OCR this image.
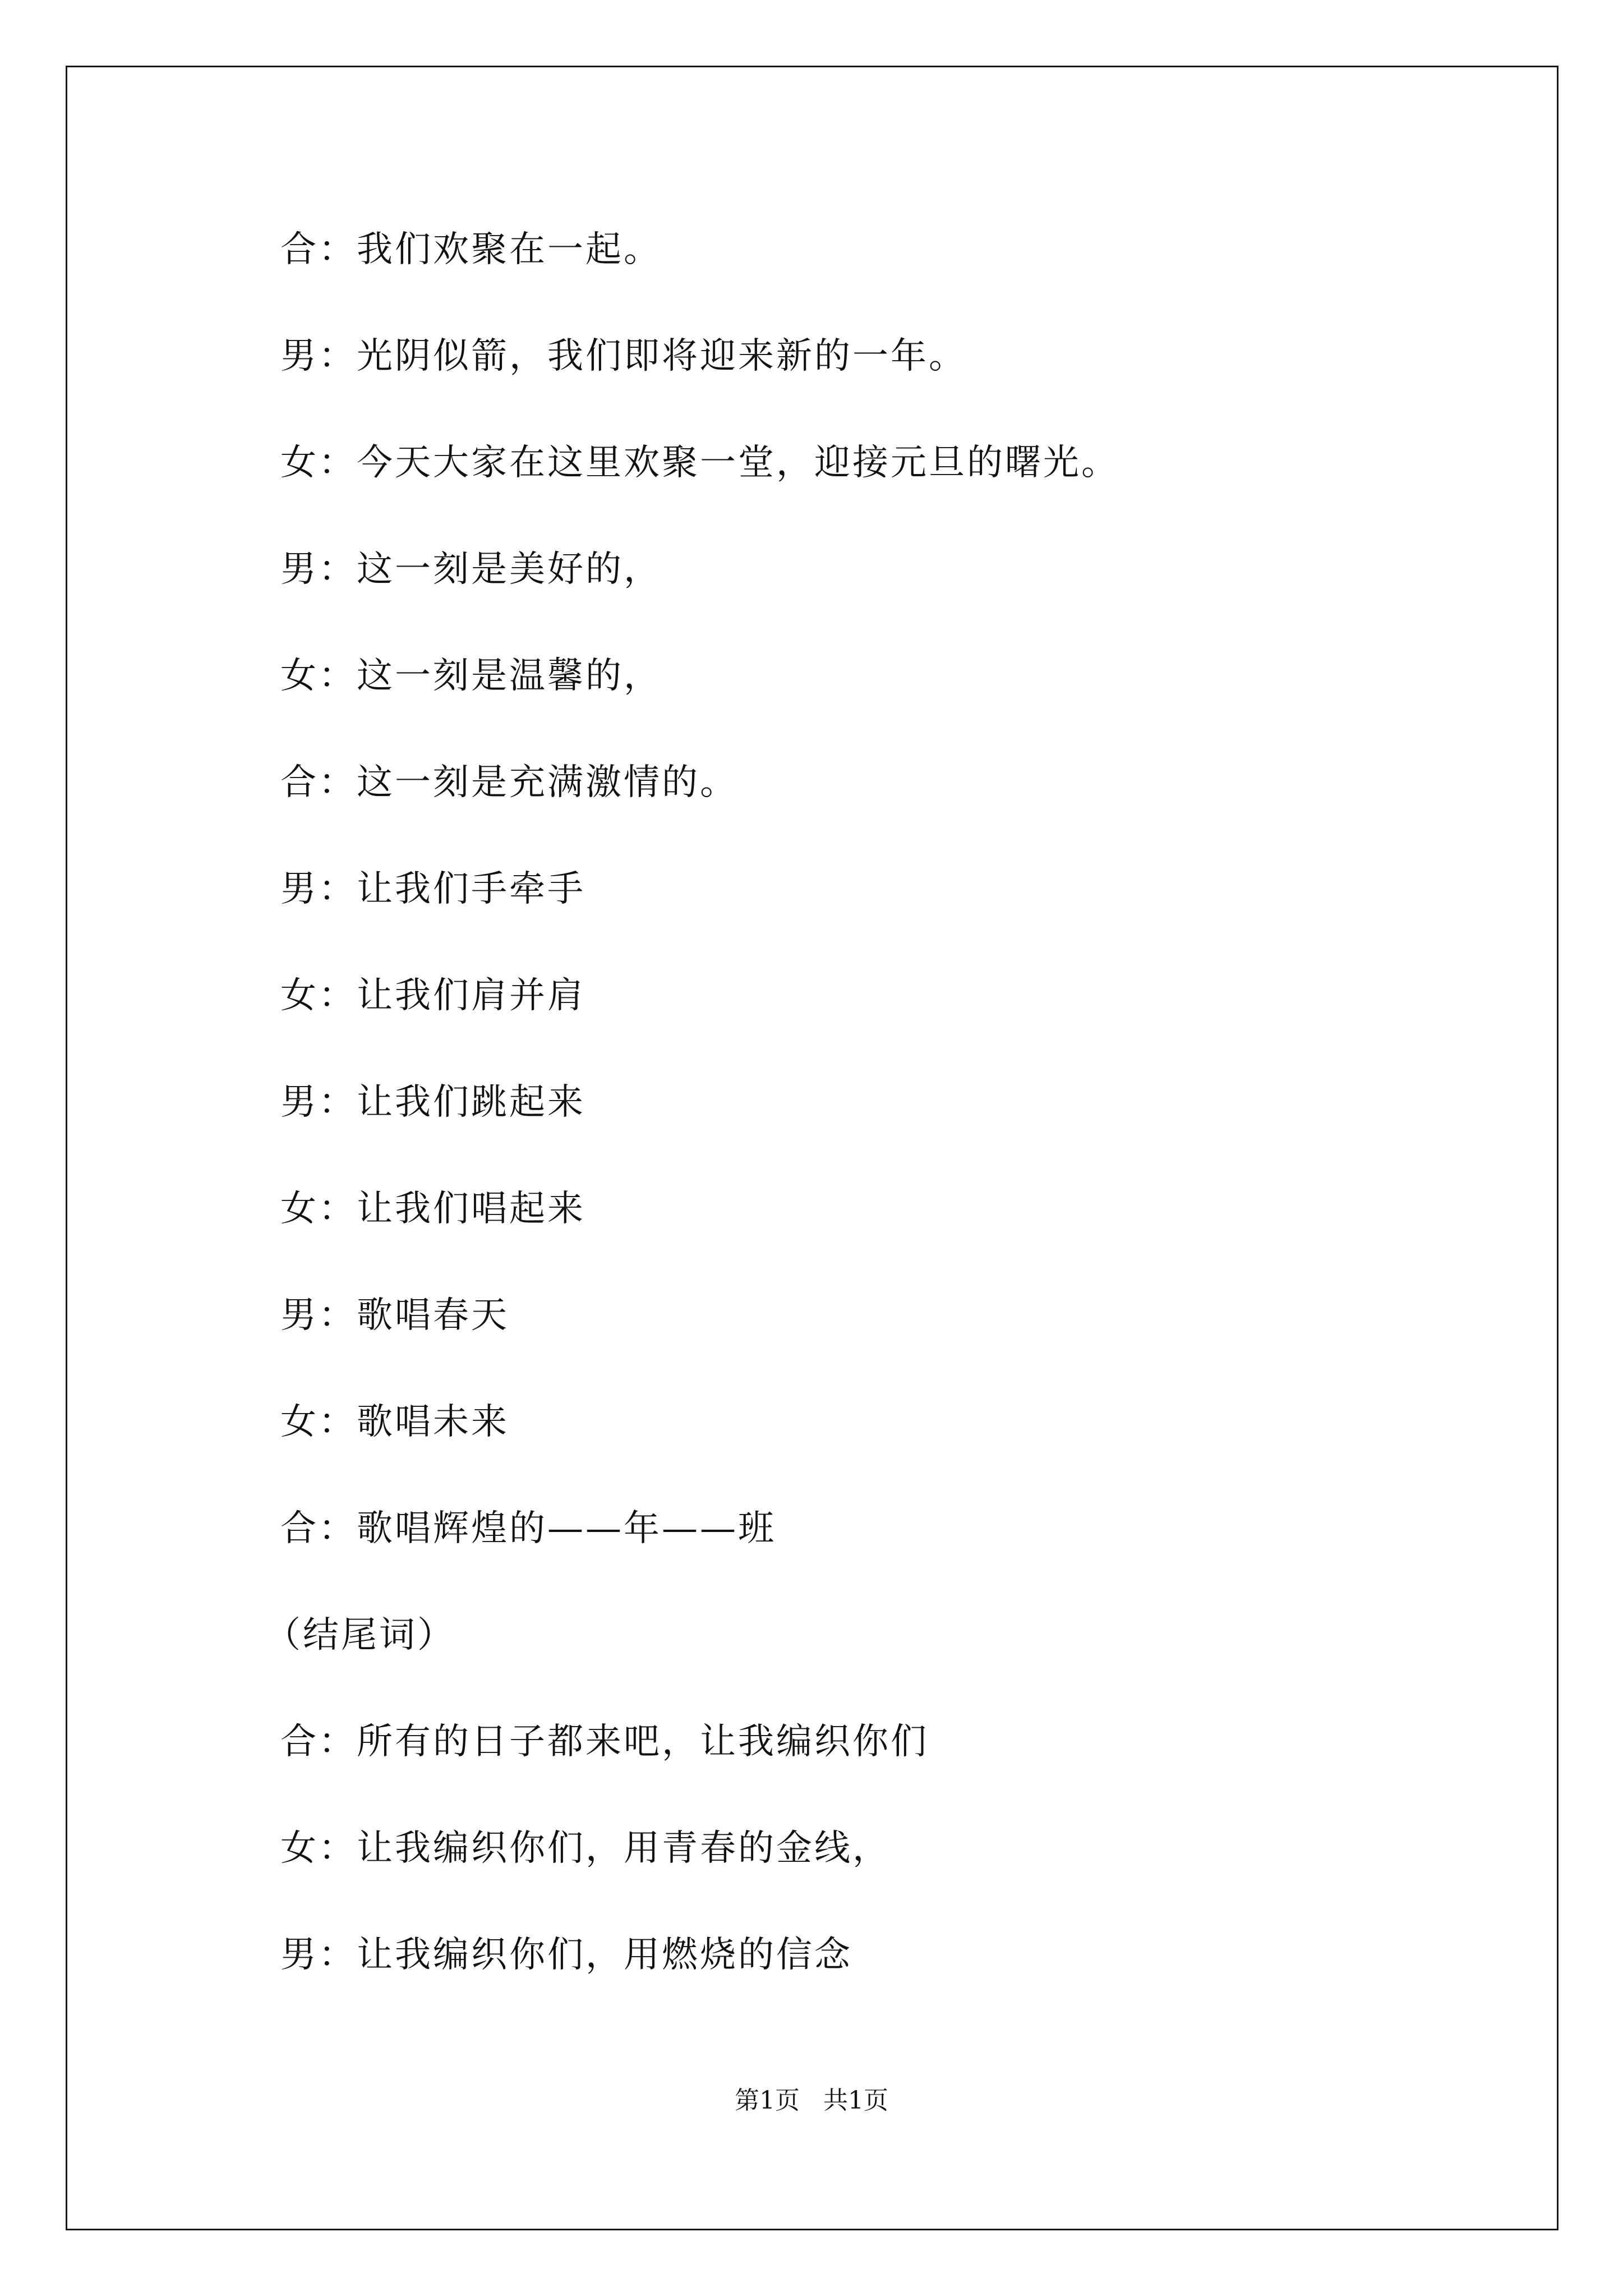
合：我们欢聚在一起。
男：光阴似箭，我们即将迎来新的一年。
女：今天大家在这里欢聚一堂，迎接元旦的曙光。
男：这一刻是美好的，
女：这一刻是温馨的，
合：这一刻是充满激情的。
男：让我们手牵手
女：让我们肩并肩
男：让我们跳起来
女：让我们唱起来
男：歌唱春天
女：歌唱未来
合：歌唱辉煌的——年——班
（结尾词）
合：所有的日子都来吧，让我编织你们
女：让我编织你们，用青春的金线，
男：让我编织你们，用燃烧的信念
第1页   共1页
